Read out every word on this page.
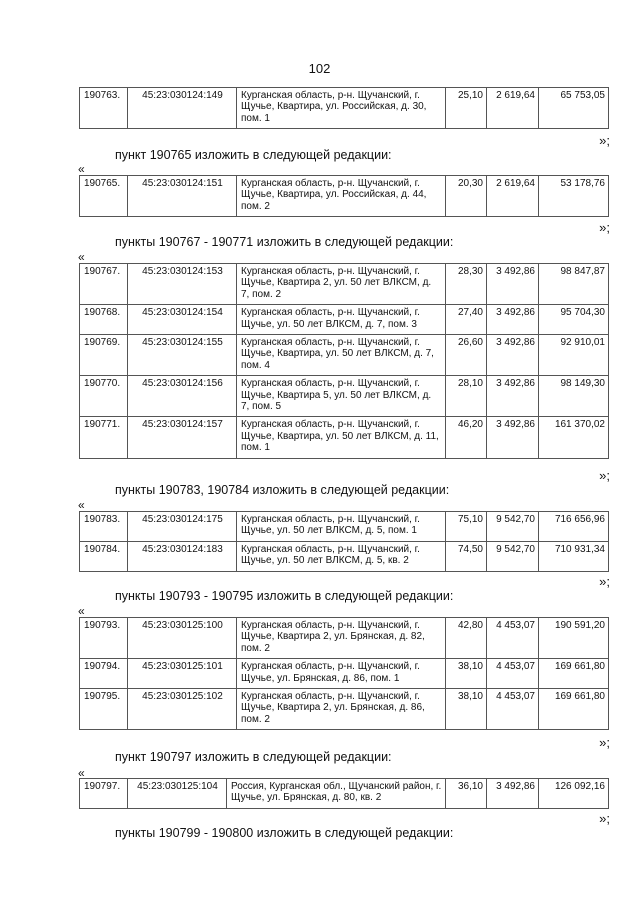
102
190763.	45:23:030124:149	Курганская область, р-н. Щучанский, г. Щучье, Квартира, ул. Российская, д. 30, пом. 1	25,10	2 619,64	65 753,05
»;
пункт 190765 изложить в следующей редакции:
«
190765.	45:23:030124:151	Курганская область, р-н. Щучанский, г. Щучье, Квартира, ул. Российская, д. 44, пом. 2	20,30	2 619,64	53 178,76
»;
пункты 190767 - 190771 изложить в следующей редакции:
«
190767.	45:23:030124:153	Курганская область, р-н. Щучанский, г. Щучье, Квартира 2, ул. 50 лет ВЛКСМ, д. 7, пом. 2	28,30	3 492,86	98 847,87
190768.	45:23:030124:154	Курганская область, р-н. Щучанский, г. Щучье, ул. 50 лет ВЛКСМ, д. 7, пом. 3	27,40	3 492,86	95 704,30
190769.	45:23:030124:155	Курганская область, р-н. Щучанский, г. Щучье, Квартира, ул. 50 лет ВЛКСМ, д. 7, пом. 4	26,60	3 492,86	92 910,01
190770.	45:23:030124:156	Курганская область, р-н. Щучанский, г. Щучье, Квартира 5, ул. 50 лет ВЛКСМ, д. 7, пом. 5	28,10	3 492,86	98 149,30
190771.	45:23:030124:157	Курганская область, р-н. Щучанский, г. Щучье, Квартира, ул. 50 лет ВЛКСМ, д. 11, пом. 1	46,20	3 492,86	161 370,02
»;
пункты 190783, 190784 изложить в следующей редакции:
«
190783.	45:23:030124:175	Курганская область, р-н. Щучанский, г. Щучье, ул. 50 лет ВЛКСМ, д. 5, пом. 1	75,10	9 542,70	716 656,96
190784.	45:23:030124:183	Курганская область, р-н. Щучанский, г. Щучье, ул. 50 лет ВЛКСМ, д. 5, кв. 2	74,50	9 542,70	710 931,34
»;
пункты 190793 - 190795 изложить в следующей редакции:
«
190793.	45:23:030125:100	Курганская область, р-н. Щучанский, г. Щучье, Квартира 2, ул. Брянская, д. 82, пом. 2	42,80	4 453,07	190 591,20
190794.	45:23:030125:101	Курганская область, р-н. Щучанский, г. Щучье, ул. Брянская, д. 86, пом. 1	38,10	4 453,07	169 661,80
190795.	45:23:030125:102	Курганская область, р-н. Щучанский, г. Щучье, Квартира 2, ул. Брянская, д. 86, пом. 2	38,10	4 453,07	169 661,80
»;
пункт 190797 изложить в следующей редакции:
«
190797.	45:23:030125:104	Россия, Курганская обл., Щучанский район, г. Щучье, ул. Брянская, д. 80, кв. 2	36,10	3 492,86	126 092,16
»;
пункты 190799 - 190800 изложить в следующей редакции:
